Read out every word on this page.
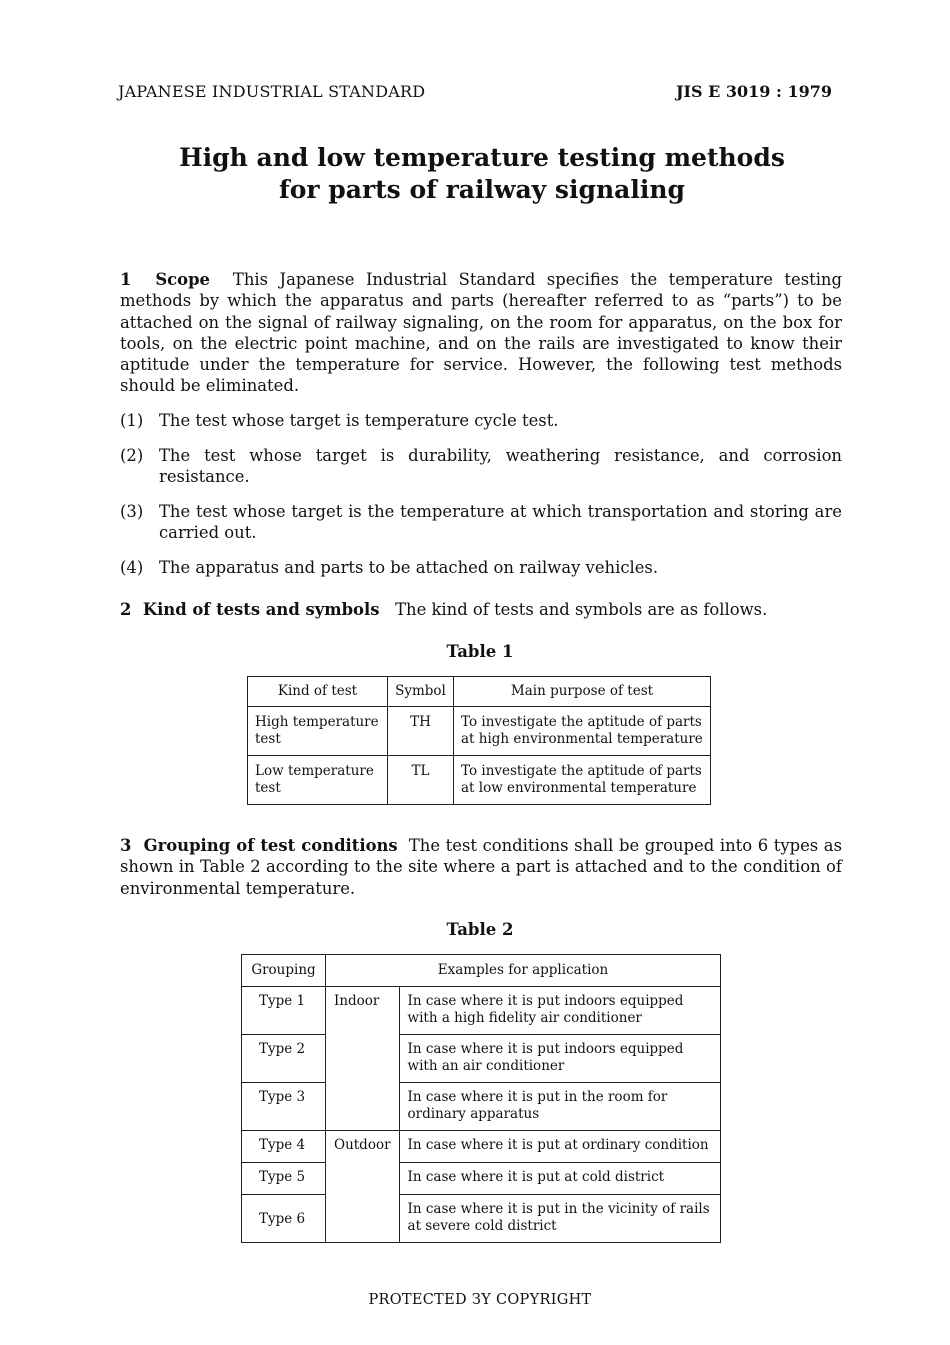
JAPANESE INDUSTRIAL STANDARD	JIS E 3019 : 1979
High and low temperature testing methods
for parts of railway signaling
1  Scope This Japanese Industrial Standard specifies the temperature testing methods by which the apparatus and parts (hereafter referred to as “parts”) to be attached on the signal of railway signaling, on the room for apparatus, on the box for tools, on the electric point machine, and on the rails are investigated to know their aptitude under the temperature for service. However, the following test methods should be eliminated.
(1) The test whose target is temperature cycle test.
(2) The test whose target is durability, weathering resistance, and corrosion resistance.
(3) The test whose target is the temperature at which transportation and storing are carried out.
(4) The apparatus and parts to be attached on railway vehicles.
2  Kind of tests and symbols The kind of tests and symbols are as follows.
Table 1
Kind of test	Symbol	Main purpose of test
High temperature test	TH	To investigate the aptitude of parts at high environmental temperature
Low temperature test	TL	To investigate the aptitude of parts at low environmental temperature
3  Grouping of test conditions The test conditions shall be grouped into 6 types as shown in Table 2 according to the site where a part is attached and to the condition of environmental temperature.
Table 2
Grouping	Examples for application	
Type 1	Indoor	In case where it is put indoors equipped with a high fidelity air conditioner
Type 2		In case where it is put indoors equipped with an air conditioner
Type 3		In case where it is put in the room for ordinary apparatus
Type 4	Outdoor	In case where it is put at ordinary condition
Type 5		In case where it is put at cold district
Type 6		In case where it is put in the vicinity of rails at severe cold district
PROTECTED ЗY COPYRIGHT
